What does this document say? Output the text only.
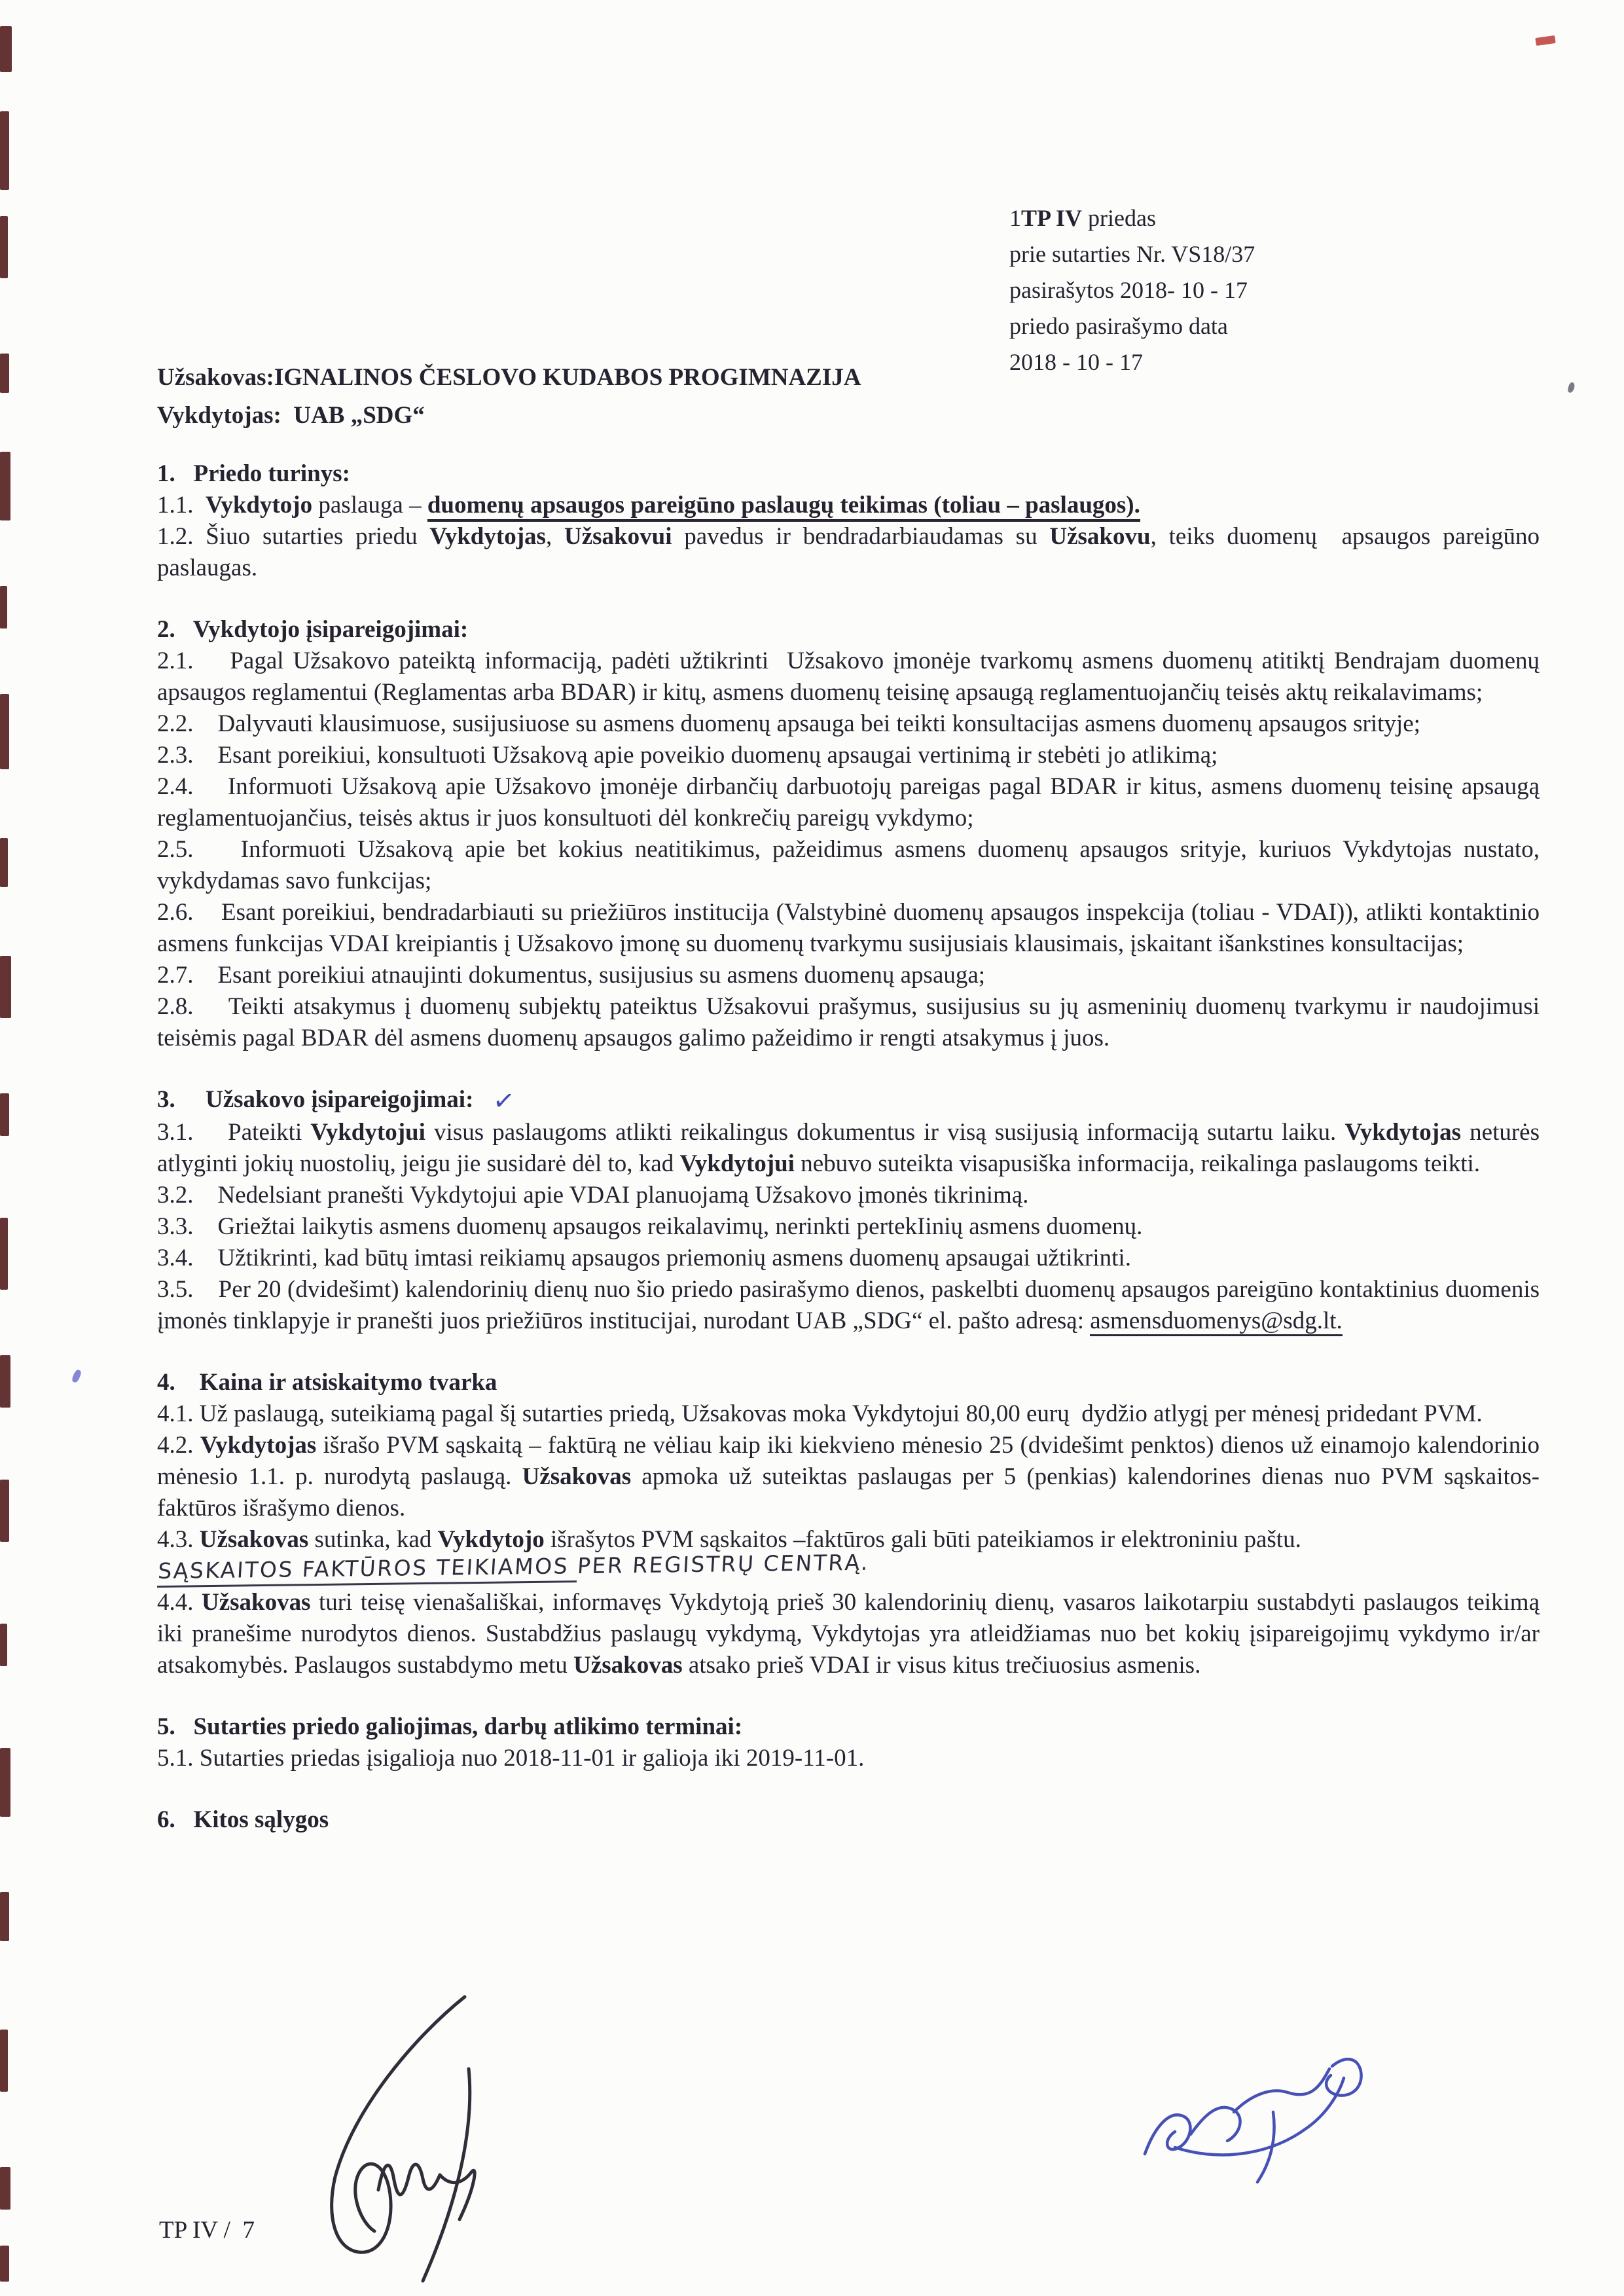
1TP IV priedas

prie sutarties Nr. VS18/37

pasirašytos 2018- 10 - 17

priedo pasirašymo data

2018 - 10 - 17

Užsakovas:IGNALINOS ČESLOVO KUDABOS PROGIMNAZIJA

Vykdytojas:  UAB „SDG“

1.   Priedo turinys:

1.1.  Vykdytojo paslauga – duomenų apsaugos pareigūno paslaugų teikimas (toliau – paslaugos).

1.2. Šiuo sutarties priedu Vykdytojas, Užsakovui pavedus ir bendradarbiaudamas su Užsakovu, teiks duomenų  apsaugos pareigūno paslaugas.

2.   Vykdytojo įsipareigojimai:

2.1.    Pagal Užsakovo pateiktą informaciją, padėti užtikrinti  Užsakovo įmonėje tvarkomų asmens duomenų atitiktį Bendrajam duomenų apsaugos reglamentui (Reglamentas arba BDAR) ir kitų, asmens duomenų teisinę apsaugą reglamentuojančių teisės aktų reikalavimams;

2.2.    Dalyvauti klausimuose, susijusiuose su asmens duomenų apsauga bei teikti konsultacijas asmens duomenų apsaugos srityje;

2.3.    Esant poreikiui, konsultuoti Užsakovą apie poveikio duomenų apsaugai vertinimą ir stebėti jo atlikimą;

2.4.    Informuoti Užsakovą apie Užsakovo įmonėje dirbančių darbuotojų pareigas pagal BDAR ir kitus, asmens duomenų teisinę apsaugą reglamentuojančius, teisės aktus ir juos konsultuoti dėl konkrečių pareigų vykdymo;

2.5.    Informuoti Užsakovą apie bet kokius neatitikimus, pažeidimus asmens duomenų apsaugos srityje, kuriuos Vykdytojas nustato, vykdydamas savo funkcijas;

2.6.    Esant poreikiui, bendradarbiauti su priežiūros institucija (Valstybinė duomenų apsaugos inspekcija (toliau - VDAI)), atlikti kontaktinio asmens funkcijas VDAI kreipiantis į Užsakovo įmonę su duomenų tvarkymu susijusiais klausimais, įskaitant išankstines konsultacijas;

2.7.    Esant poreikiui atnaujinti dokumentus, susijusius su asmens duomenų apsauga;

2.8.    Teikti atsakymus į duomenų subjektų pateiktus Užsakovui prašymus, susijusius su jų asmeninių duomenų tvarkymu ir naudojimusi teisėmis pagal BDAR dėl asmens duomenų apsaugos galimo pažeidimo ir rengti atsakymus į juos.

3.     Užsakovo įsipareigojimai: ✓

3.1.    Pateikti Vykdytojui visus paslaugoms atlikti reikalingus dokumentus ir visą susijusią informaciją sutartu laiku. Vykdytojas neturės atlyginti jokių nuostolių, jeigu jie susidarė dėl to, kad Vykdytojui nebuvo suteikta visapusiška informacija, reikalinga paslaugoms teikti.

3.2.    Nedelsiant pranešti Vykdytojui apie VDAI planuojamą Užsakovo įmonės tikrinimą.

3.3.    Griežtai laikytis asmens duomenų apsaugos reikalavimų, nerinkti pertekIinių asmens duomenų.

3.4.    Užtikrinti, kad būtų imtasi reikiamų apsaugos priemonių asmens duomenų apsaugai užtikrinti.

3.5.    Per 20 (dvidešimt) kalendorinių dienų nuo šio priedo pasirašymo dienos, paskelbti duomenų apsaugos pareigūno kontaktinius duomenis įmonės tinklapyje ir pranešti juos priežiūros institucijai, nurodant UAB „SDG“ el. pašto adresą: asmensduomenys@sdg.lt.

4.    Kaina ir atsiskaitymo tvarka

4.1. Už paslaugą, suteikiamą pagal šį sutarties priedą, Užsakovas moka Vykdytojui 80,00 eurų  dydžio atlygį per mėnesį pridedant PVM.

4.2. Vykdytojas išrašo PVM sąskaitą – faktūrą ne vėliau kaip iki kiekvieno mėnesio 25 (dvidešimt penktos) dienos už einamojo kalendorinio mėnesio 1.1. p. nurodytą paslaugą. Užsakovas apmoka už suteiktas paslaugas per 5 (penkias) kalendorines dienas nuo PVM sąskaitos-faktūros išrašymo dienos.

4.3. Užsakovas sutinka, kad Vykdytojo išrašytos PVM sąskaitos –faktūros gali būti pateikiamos ir elektroniniu paštu.

SĄSKAITOS FAKTŪROS TEIKIAMOS PER REGISTRŲ CENTRĄ.

4.4. Užsakovas turi teisę vienašališkai, informavęs Vykdytoją prieš 30 kalendorinių dienų, vasaros laikotarpiu sustabdyti paslaugos teikimą iki pranešime nurodytos dienos. Sustabdžius paslaugų vykdymą, Vykdytojas yra atleidžiamas nuo bet kokių įsipareigojimų vykdymo ir/ar atsakomybės. Paslaugos sustabdymo metu Užsakovas atsako prieš VDAI ir visus kitus trečiuosius asmenis.

5.   Sutarties priedo galiojimas, darbų atlikimo terminai:

5.1. Sutarties priedas įsigalioja nuo 2018-11-01 ir galioja iki 2019-11-01.

6.   Kitos sąlygos

TP IV /  7
